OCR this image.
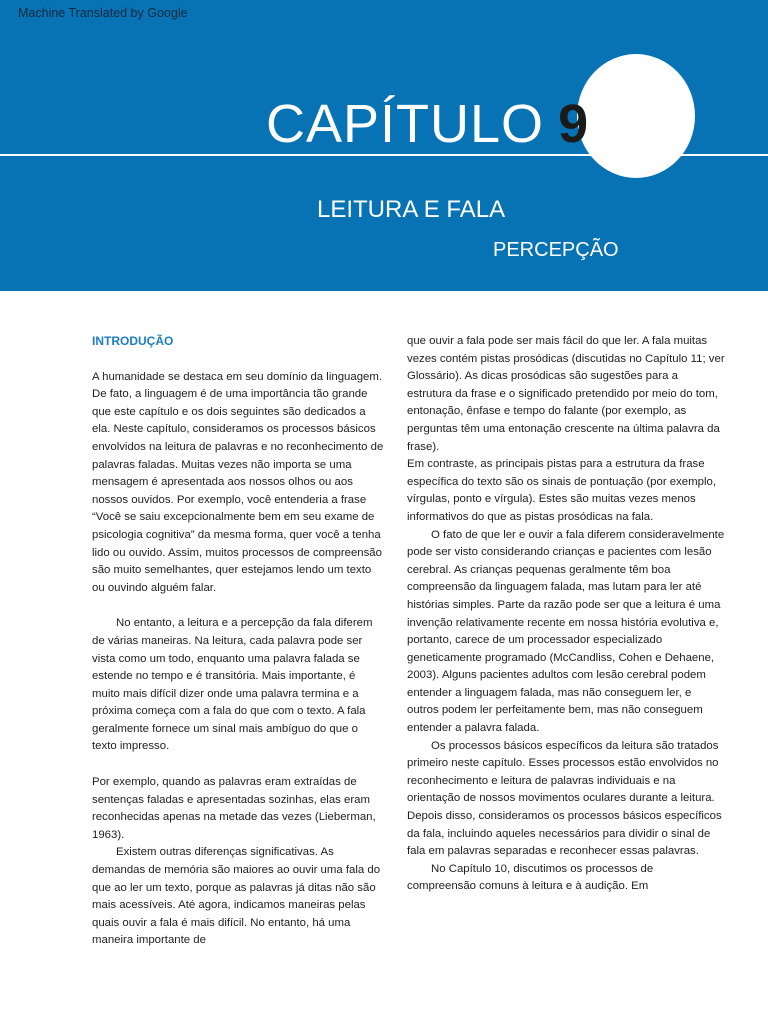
Machine Translated by Google
CAPÍTULO 9
LEITURA E FALA
PERCEPÇÃO

INTRODUÇÃO

A humanidade se destaca em seu domínio da linguagem. De fato, a linguagem é de uma importância tão grande que este capítulo e os dois seguintes são dedicados a ela. Neste capítulo, consideramos os processos básicos envolvidos na leitura de palavras e no reconhecimento de palavras faladas. Muitas vezes não importa se uma mensagem é apresentada aos nossos olhos ou aos nossos ouvidos. Por exemplo, você entenderia a frase “Você se saiu excepcionalmente bem em seu exame de psicologia cognitiva” da mesma forma, quer você a tenha lido ou ouvido. Assim, muitos processos de compreensão são muito semelhantes, quer estejamos lendo um texto ou ouvindo alguém falar.

No entanto, a leitura e a percepção da fala diferem de várias maneiras. Na leitura, cada palavra pode ser vista como um todo, enquanto uma palavra falada se estende no tempo e é transitória. Mais importante, é muito mais difícil dizer onde uma palavra termina e a próxima começa com a fala do que com o texto. A fala geralmente fornece um sinal mais ambíguo do que o texto impresso.

Por exemplo, quando as palavras eram extraídas de sentenças faladas e apresentadas sozinhas, elas eram reconhecidas apenas na metade das vezes (Lieberman, 1963).

Existem outras diferenças significativas. As demandas de memória são maiores ao ouvir uma fala do que ao ler um texto, porque as palavras já ditas não são mais acessíveis. Até agora, indicamos maneiras pelas quais ouvir a fala é mais difícil. No entanto, há uma maneira importante de

que ouvir a fala pode ser mais fácil do que ler. A fala muitas vezes contém pistas prosódicas (discutidas no Capítulo 11; ver Glossário). As dicas prosódicas são sugestões para a estrutura da frase e o significado pretendido por meio do tom, entonação, ênfase e tempo do falante (por exemplo, as perguntas têm uma entonação crescente na última palavra da frase).

Em contraste, as principais pistas para a estrutura da frase específica do texto são os sinais de pontuação (por exemplo, vírgulas, ponto e vírgula). Estes são muitas vezes menos informativos do que as pistas prosódicas na fala.

O fato de que ler e ouvir a fala diferem consideravelmente pode ser visto considerando crianças e pacientes com lesão cerebral. As crianças pequenas geralmente têm boa compreensão da linguagem falada, mas lutam para ler até histórias simples. Parte da razão pode ser que a leitura é uma invenção relativamente recente em nossa história evolutiva e, portanto, carece de um processador especializado geneticamente programado (McCandliss, Cohen e Dehaene, 2003). Alguns pacientes adultos com lesão cerebral podem entender a linguagem falada, mas não conseguem ler, e outros podem ler perfeitamente bem, mas não conseguem entender a palavra falada.

Os processos básicos específicos da leitura são tratados primeiro neste capítulo. Esses processos estão envolvidos no reconhecimento e leitura de palavras individuais e na orientação de nossos movimentos oculares durante a leitura. Depois disso, consideramos os processos básicos específicos da fala, incluindo aqueles necessários para dividir o sinal de fala em palavras separadas e reconhecer essas palavras.

No Capítulo 10, discutimos os processos de compreensão comuns à leitura e à audição. Em
